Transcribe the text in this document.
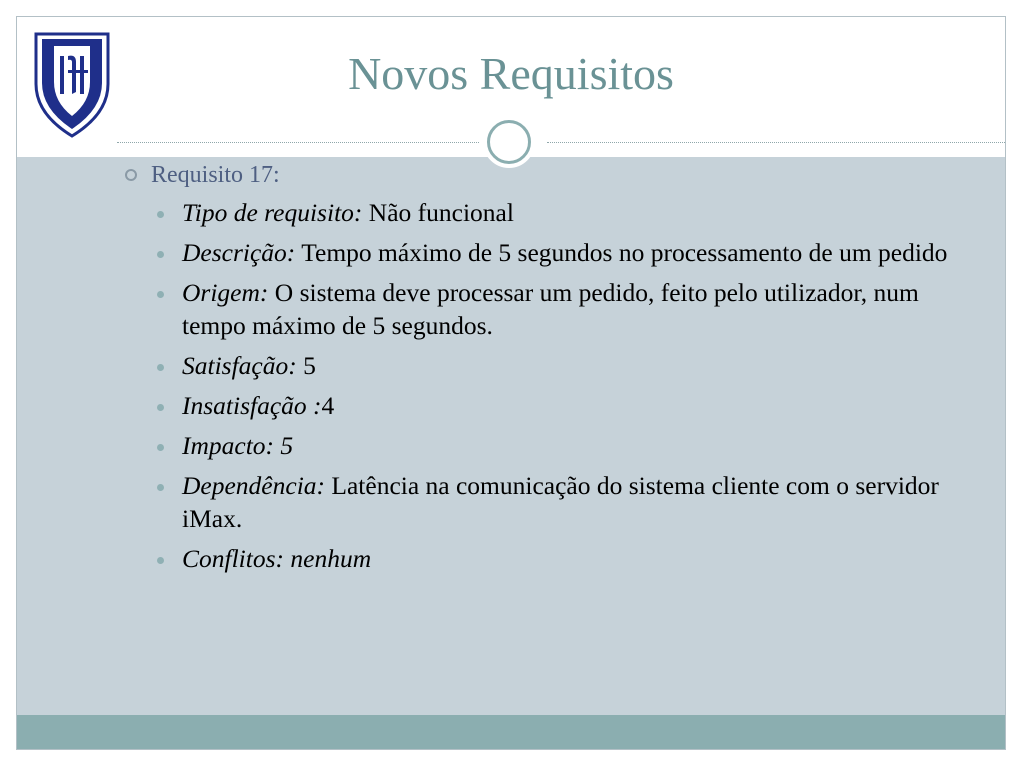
Novos Requisitos
Requisito 17:
Tipo de requisito: Não funcional
Descrição: Tempo máximo de 5 segundos no processamento de um pedido
Origem: O sistema deve processar um pedido, feito pelo utilizador, num tempo máximo de 5 segundos.
Satisfação: 5
Insatisfação :4
Impacto: 5
Dependência: Latência na comunicação do sistema cliente com o servidor iMax.
Conflitos: nenhum
